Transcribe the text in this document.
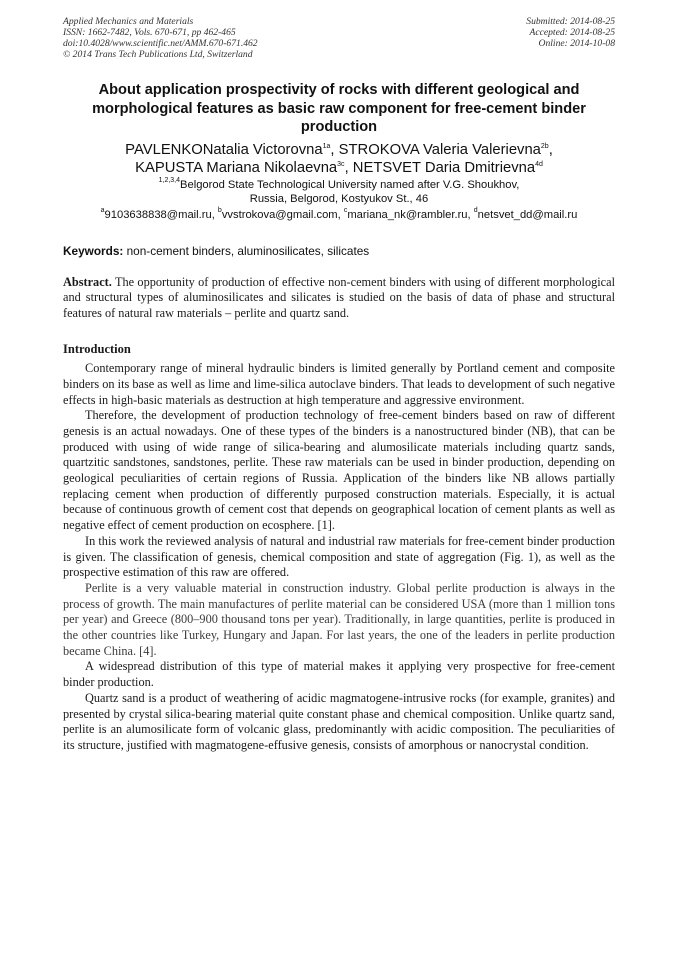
Applied Mechanics and Materials
ISSN: 1662-7482, Vols. 670-671, pp 462-465
doi:10.4028/www.scientific.net/AMM.670-671.462
© 2014 Trans Tech Publications Ltd, Switzerland
Submitted: 2014-08-25
Accepted: 2014-08-25
Online: 2014-10-08
About application prospectivity of rocks with different geological and morphological features as basic raw component for free-cement binder production
PAVLENKONatalia Victorovna$^{1a}$, STROKOVA Valeria Valerievna$^{2b}$,
KAPUSTA Mariana Nikolaevna$^{3c}$, NETSVET Daria Dmitrievna$^{4d}$
$^{1,2,3,4}$Belgorod State Technological University named after V.G. Shoukhov,
Russia, Belgorod, Kostyukov St., 46
$^a$9103638838@mail.ru, $^b$vvstrokova@gmail.com, $^c$mariana_nk@rambler.ru, $^d$netsvet_dd@mail.ru
Keywords: non-cement binders, aluminosilicates, silicates
Abstract. The opportunity of production of effective non-cement binders with using of different morphological and structural types of aluminosilicates and silicates is studied on the basis of data of phase and structural features of natural raw materials – perlite and quartz sand.
Introduction

Contemporary range of mineral hydraulic binders is limited generally by Portland cement and composite binders on its base as well as lime and lime-silica autoclave binders. That leads to development of such negative effects in high-basic materials as destruction at high temperature and aggressive environment.

Therefore, the development of production technology of free-cement binders based on raw of different genesis is an actual nowadays. One of these types of the binders is a nanostructured binder (NB), that can be produced with using of wide range of silica-bearing and alumosilicate materials including quartz sands, quartzitic sandstones, sandstones, perlite. These raw materials can be used in binder production, depending on geological peculiarities of certain regions of Russia. Application of the binders like NB allows partially replacing cement when production of differently purposed construction materials. Especially, it is actual because of continuous growth of cement cost that depends on geographical location of cement plants as well as negative effect of cement production on ecosphere. [1].

In this work the reviewed analysis of natural and industrial raw materials for free-cement binder production is given. The classification of genesis, chemical composition and state of aggregation (Fig. 1), as well as the prospective estimation of this raw are offered.

Perlite is a very valuable material in construction industry. Global perlite production is always in the process of growth. The main manufactures of perlite material can be considered USA (more than 1 million tons per year) and Greece (800–900 thousand tons per year). Traditionally, in large quantities, perlite is produced in the other countries like Turkey, Hungary and Japan. For last years, the one of the leaders in perlite production became China. [4].

A widespread distribution of this type of material makes it applying very prospective for free-cement binder production.

Quartz sand is a product of weathering of acidic magmatogene-intrusive rocks (for example, granites) and presented by crystal silica-bearing material quite constant phase and chemical composition. Unlike quartz sand, perlite is an alumosilicate form of volcanic glass, predominantly with acidic composition. The peculiarities of its structure, justified with magmatogene-effusive genesis, consists of amorphous or nanocrystal condition.
